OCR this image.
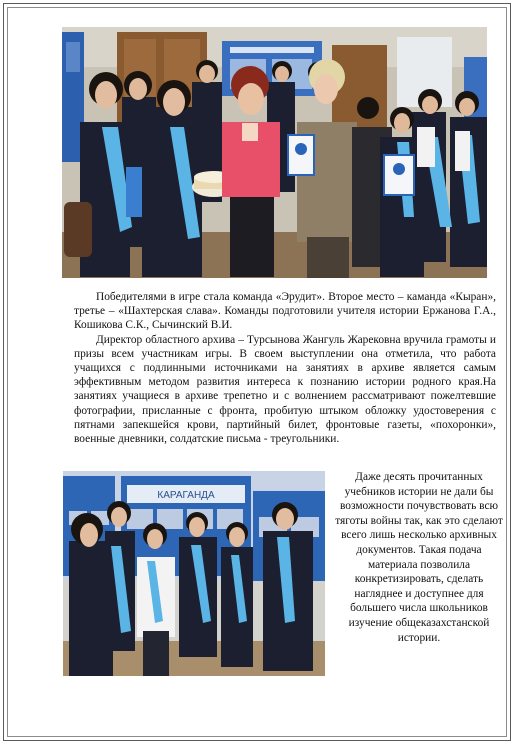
Победителями в игре стала команда «Эрудит». Второе место – каманда «Кыран», третье – «Шахтерская слава». Команды подготовили учителя истории Ержанова Г.А., Кошикова С.К., Сычинский В.И.

Директор областного архива – Турсынова Жангуль Жарековна вручила грамоты и призы всем участникам игры. В своем выступлении она отметила, что работа учащихся с подлинными источниками на занятиях в архиве является самым эффективным методом развития интереса к познанию истории родного края.На занятиях учащиеся в архиве трепетно и с волнением рассматривают пожелтевшие фотографии, присланные с фронта, пробитую штыком обложку удостоверения с пятнами запекшейся крови, партийный билет, фронтовые газеты, «похоронки», военные дневники, солдатские письма - треугольники.

КАРАГАНДА

Даже десять прочитанных учебников истории не дали бы возможности почувствовать всю тяготы войны так, как это сделают всего лишь несколько архивных документов. Такая подача материала позволила конкретизировать, сделать нагляднее и доступнее для большего числа школьников изучение общеказахстанской истории.
